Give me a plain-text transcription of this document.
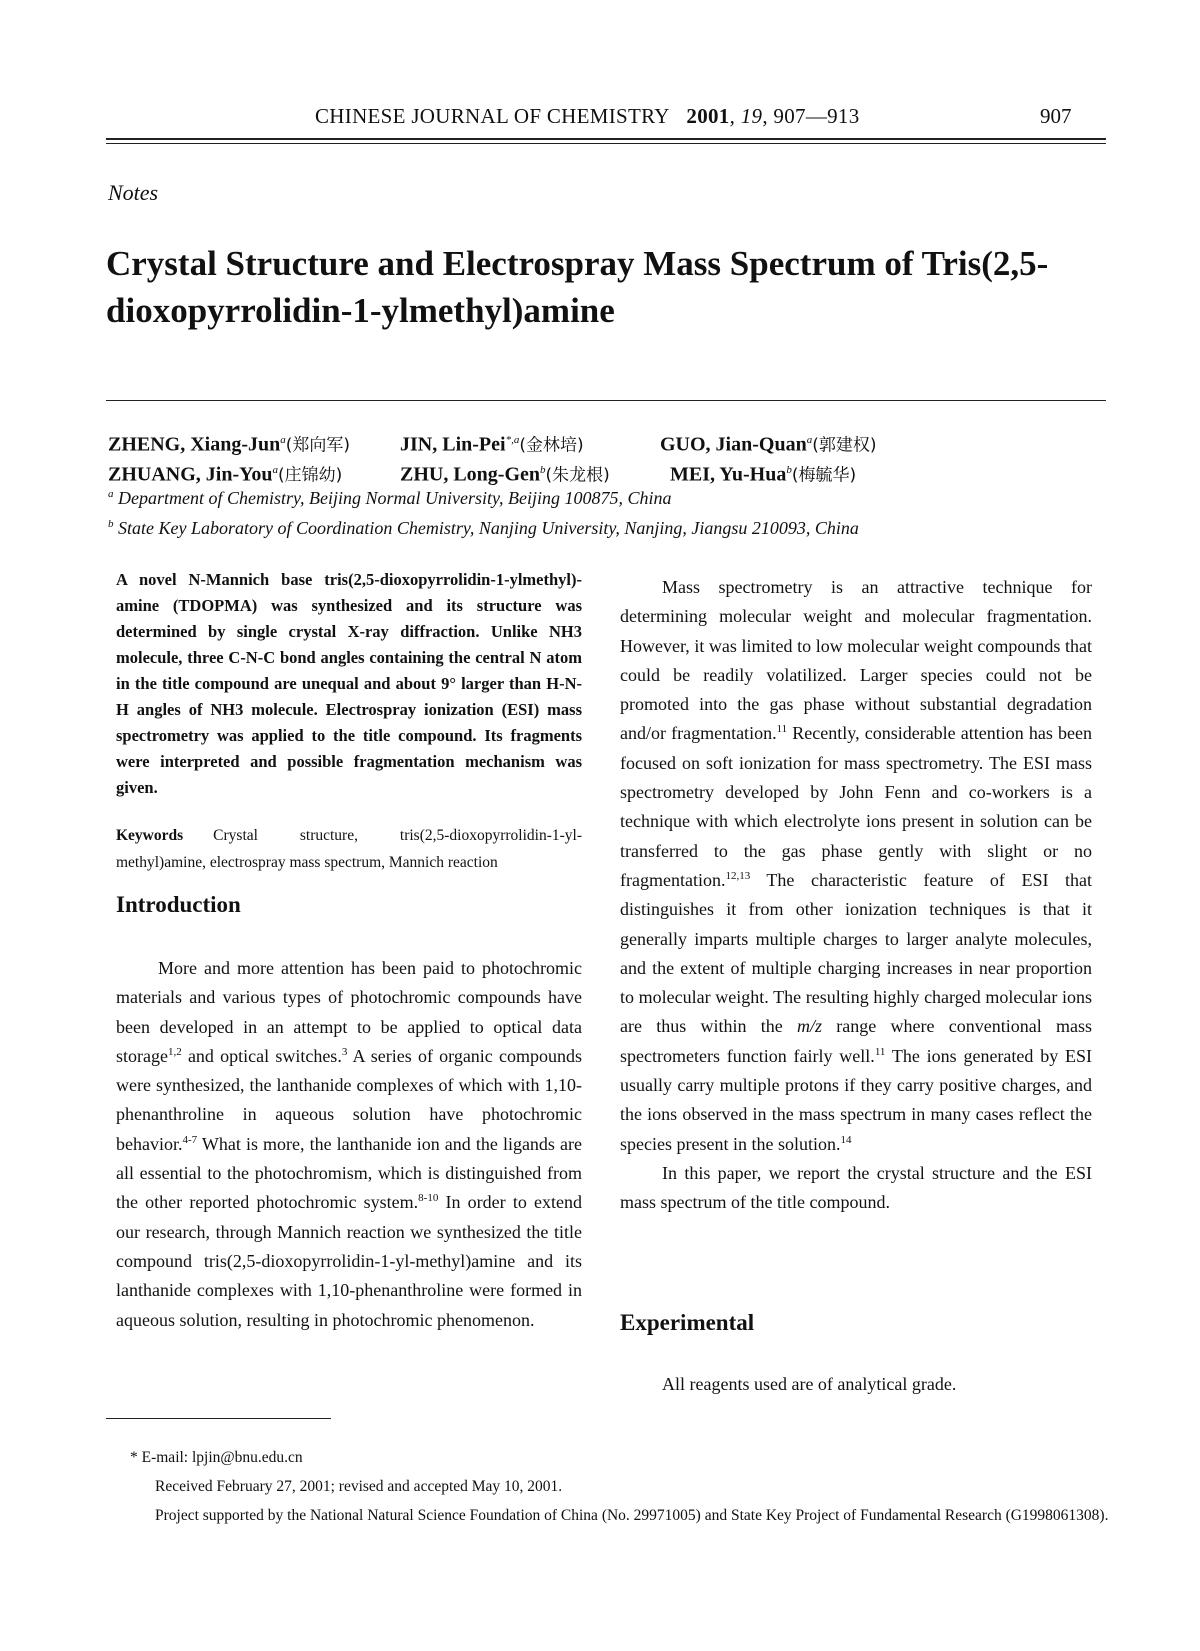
CHINESE JOURNAL OF CHEMISTRY 2001, 19, 907—913	907
Notes
Crystal Structure and Electrospray Mass Spectrum of Tris(2,5-dioxopyrrolidin-1-ylmethyl)amine
ZHENG, Xiang-Jun$^a$(郑向军) JIN, Lin-Pei$^{*,a}$(金林培)	GUO, Jian-Quan$^a$(郭建权)
ZHUANG, Jin-You$^a$(庄锦幼)	ZHU, Long-Gen$^b$(朱龙根)	MEI, Yu-Hua$^b$(梅毓华)
$^a$ Department of Chemistry, Beijing Normal University, Beijing 100875, China
$^b$ State Key Laboratory of Coordination Chemistry, Nanjing University, Nanjing, Jiangsu 210093, China
A novel N-Mannich base tris(2,5-dioxopyrrolidin-1-ylmethyl)-amine (TDOPMA) was synthesized and its structure was determined by single crystal X-ray diffraction. Unlike NH3 molecule, three C-N-C bond angles containing the central N atom in the title compound are unequal and about 9° larger than H-N-H angles of NH3 molecule. Electrospray ionization (ESI) mass spectrometry was applied to the title compound. Its fragments were interpreted and possible fragmentation mechanism was given.
Keywords Crystal structure, tris(2,5-dioxopyrrolidin-1-yl-methyl)amine, electrospray mass spectrum, Mannich reaction
Introduction

More and more attention has been paid to photochromic materials and various types of photochromic compounds have been developed in an attempt to be applied to optical data storage$^{1,2}$ and optical switches.$^3$ A series of organic compounds were synthesized, the lanthanide complexes of which with 1,10-phenanthroline in aqueous solution have photochromic behavior.$^{4-7}$ What is more, the lanthanide ion and the ligands are all essential to the photochromism, which is distinguished from the other reported photochromic system.$^{8-10}$ In order to extend our research, through Mannich reaction we synthesized the title compound tris(2,5-dioxopyrrolidin-1-yl-methyl)amine and its lanthanide complexes with 1,10-phenanthroline were formed in aqueous solution, resulting in photochromic phenomenon.

Mass spectrometry is an attractive technique for determining molecular weight and molecular fragmentation. However, it was limited to low molecular weight compounds that could be readily volatilized. Larger species could not be promoted into the gas phase without substantial degradation and/or fragmentation.$^{11}$ Recently, considerable attention has been focused on soft ionization for mass spectrometry. The ESI mass spectrometry developed by John Fenn and co-workers is a technique with which electrolyte ions present in solution can be transferred to the gas phase gently with slight or no fragmentation.$^{12,13}$ The characteristic feature of ESI that distinguishes it from other ionization techniques is that it generally imparts multiple charges to larger analyte molecules, and the extent of multiple charging increases in near proportion to molecular weight. The resulting highly charged molecular ions are thus within the m/z range where conventional mass spectrometers function fairly well.$^{11}$ The ions generated by ESI usually carry multiple protons if they carry positive charges, and the ions observed in the mass spectrum in many cases reflect the species present in the solution.$^{14}$

In this paper, we report the crystal structure and the ESI mass spectrum of the title compound.

Experimental

All reagents used are of analytical grade.

* E-mail: lpjin@bnu.edu.cn
Received February 27, 2001; revised and accepted May 10, 2001.
Project supported by the National Natural Science Foundation of China (No. 29971005) and State Key Project of Fundamental Research (G1998061308).
